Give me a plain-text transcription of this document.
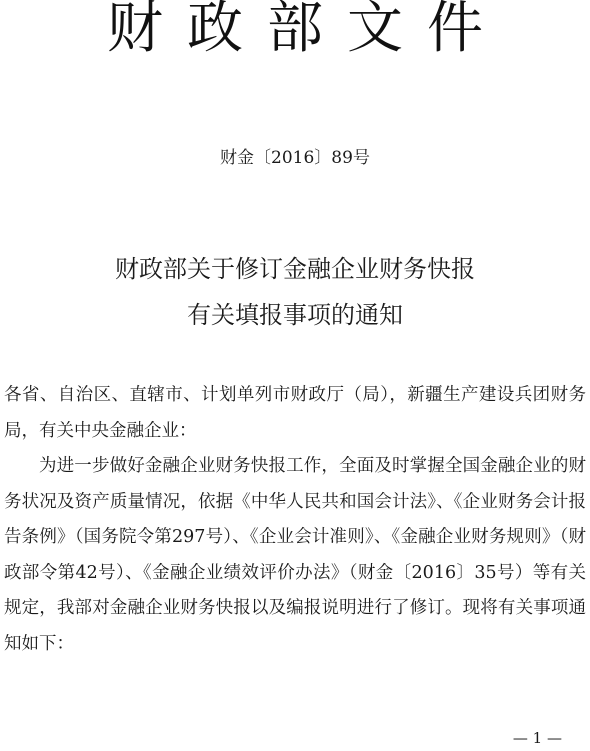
财政部文件
财金〔2016〕89号
财政部关于修订金融企业财务快报
有关填报事项的通知

各省、自治区、直辖市、计划单列市财政厅（局），新疆生产建设兵团财务局，有关中央金融企业：

为进一步做好金融企业财务快报工作，全面及时掌握全国金融企业的财务状况及资产质量情况，依据《中华人民共和国会计法》、《企业财务会计报告条例》（国务院令第297号）、《企业会计准则》、《金融企业财务规则》（财政部令第42号）、《金融企业绩效评价办法》（财金〔2016〕35号）等有关规定，我部对金融企业财务快报以及编报说明进行了修订。现将有关事项通知如下：

— 1 —
